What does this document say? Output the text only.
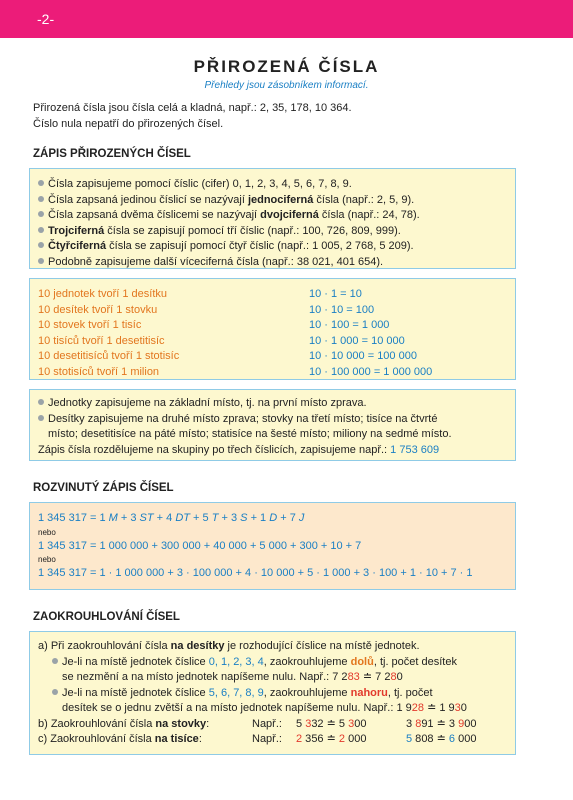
-2-
PŘIROZENÁ ČÍSLA
Přehledy jsou zásobníkem informací.
Přirozená čísla jsou čísla celá a kladná, např.: 2, 35, 178, 10 364.
Číslo nula nepatří do přirozených čísel.
ZÁPIS PŘIROZENÝCH ČÍSEL
Čísla zapisujeme pomocí číslic (cifer) 0, 1, 2, 3, 4, 5, 6, 7, 8, 9.
Čísla zapsaná jedinou číslicí se nazývají jednociferná čísla (např.: 2, 5, 9).
Čísla zapsaná dvěma číslicemi se nazývají dvojciferná čísla (např.: 24, 78).
Trojciferná čísla se zapisují pomocí tří číslic (např.: 100, 726, 809, 999).
Čtyřciferná čísla se zapisují pomocí čtyř číslic (např.: 1 005, 2 768, 5 209).
Podobně zapisujeme další víceciferná čísla (např.: 38 021, 401 654).
10 jednotek tvoří 1 desítku	10 · 1 = 10
10 desítek tvoří 1 stovku	10 · 10 = 100
10 stovek tvoří 1 tisíc	10 · 100 = 1 000
10 tisíců tvoří 1 desetitisíc	10 · 1 000 = 10 000
10 desetitisíců tvoří 1 stotisíc	10 · 10 000 = 100 000
10 stotisíců tvoří 1 milion	10 · 100 000 = 1 000 000
Jednotky zapisujeme na základní místo, tj. na první místo zprava.
Desítky zapisujeme na druhé místo zprava; stovky na třetí místo; tisíce na čtvrté
místo; desetitisíce na páté místo; statisíce na šesté místo; miliony na sedmé místo.
Zápis čísla rozdělujeme na skupiny po třech číslicích, zapisujeme např.: 1 753 609
ROZVINUTÝ ZÁPIS ČÍSEL
1 345 317 = 1 M + 3 ST + 4 DT + 5 T + 3 S + 1 D + 7 J
nebo
1 345 317 = 1 000 000 + 300 000 + 40 000 + 5 000 + 300 + 10 + 7
nebo
1 345 317 = 1 · 1 000 000 + 3 · 100 000 + 4 · 10 000 + 5 · 1 000 + 3 · 100 + 1 · 10 + 7 · 1
ZAOKROUHLOVÁNÍ ČÍSEL
a) Při zaokrouhlování čísla na desítky je rozhodující číslice na místě jednotek.
Je-li na místě jednotek číslice 0, 1, 2, 3, 4, zaokrouhlujeme dolů, tj. počet desítek
se nezmění a na místo jednotek napíšeme nulu. Např.: 7 283 ≐ 7 280
Je-li na místě jednotek číslice 5, 6, 7, 8, 9, zaokrouhlujeme nahoru, tj. počet
desítek se o jednu zvětší a na místo jednotek napíšeme nulu. Např.: 1 928 ≐ 1 930
b) Zaokrouhlování čísla na stovky:	Např.: 5 332 ≐ 5 300	3 891 ≐ 3 900
c) Zaokrouhlování čísla na tisíce:	Např.: 2 356 ≐ 2 000	5 808 ≐ 6 000
